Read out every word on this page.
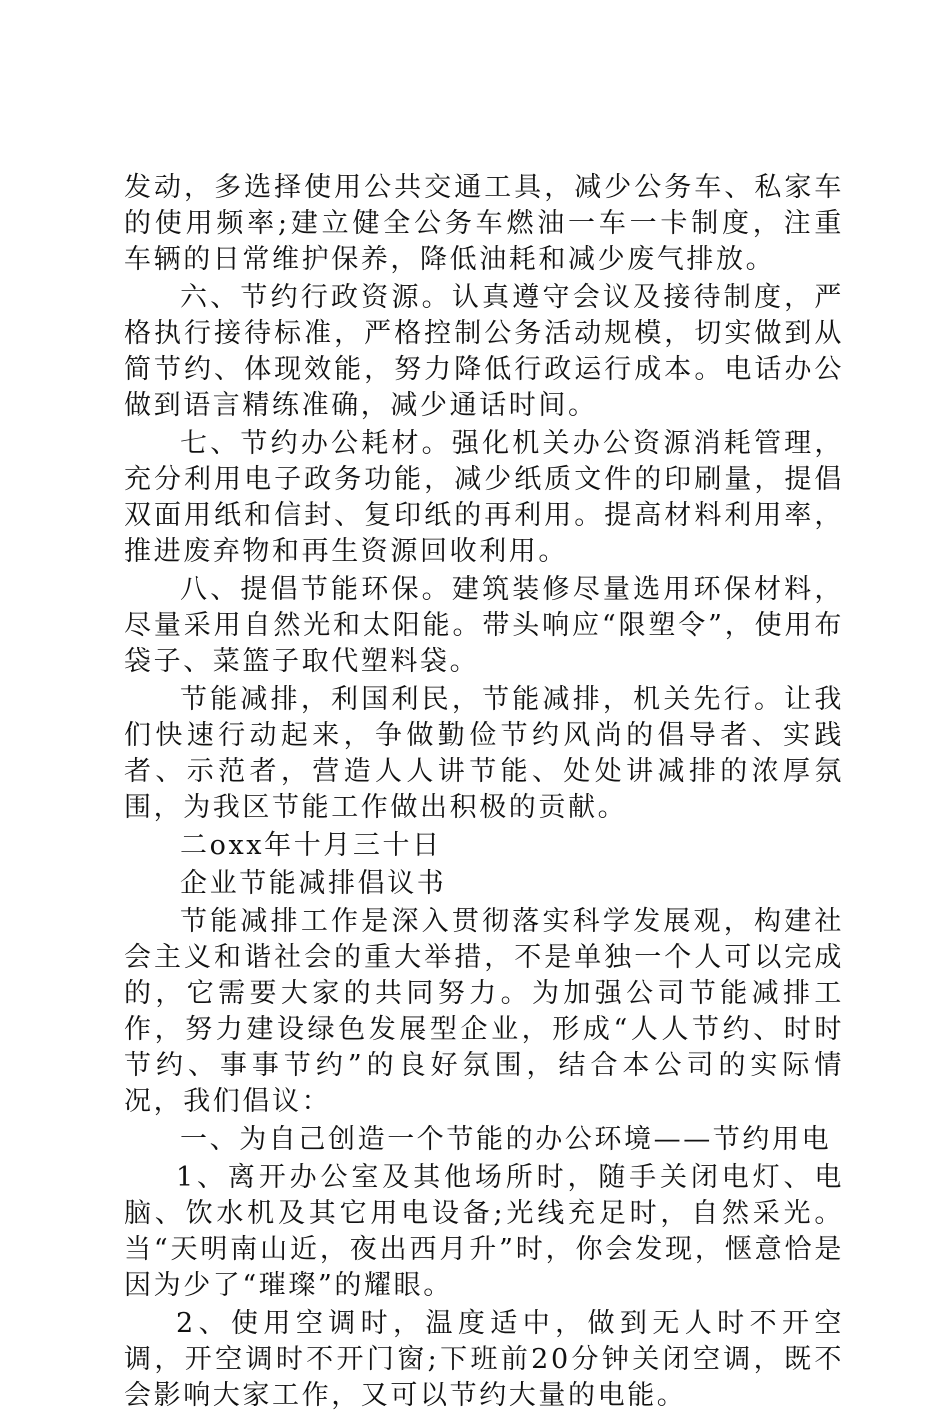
发动，多选择使用公共交通工具，减少公务车、私家车的使用频率;建立健全公务车燃油一车一卡制度，注重车辆的日常维护保养，降低油耗和减少废气排放。

六、节约行政资源。认真遵守会议及接待制度，严格执行接待标准，严格控制公务活动规模，切实做到从简节约、体现效能，努力降低行政运行成本。电话办公做到语言精练准确，减少通话时间。

七、节约办公耗材。强化机关办公资源消耗管理，充分利用电子政务功能，减少纸质文件的印刷量，提倡双面用纸和信封、复印纸的再利用。提高材料利用率，推进废弃物和再生资源回收利用。

八、提倡节能环保。建筑装修尽量选用环保材料，尽量采用自然光和太阳能。带头响应“限塑令”，使用布袋子、菜篮子取代塑料袋。

节能减排，利国利民，节能减排，机关先行。让我们快速行动起来，争做勤俭节约风尚的倡导者、实践者、示范者，营造人人讲节能、处处讲减排的浓厚氛围，为我区节能工作做出积极的贡献。

二oxx年十月三十日

企业节能减排倡议书

节能减排工作是深入贯彻落实科学发展观，构建社会主义和谐社会的重大举措，不是单独一个人可以完成的，它需要大家的共同努力。为加强公司节能减排工作，努力建设绿色发展型企业，形成“人人节约、时时节约、事事节约”的良好氛围，结合本公司的实际情况，我们倡议：

一、为自己创造一个节能的办公环境——节约用电

1、离开办公室及其他场所时，随手关闭电灯、电脑、饮水机及其它用电设备;光线充足时，自然采光。当“天明南山近，夜出西月升”时，你会发现，惬意恰是因为少了“璀璨”的耀眼。

2、使用空调时，温度适中，做到无人时不开空调，开空调时不开门窗;下班前20分钟关闭空调，既不会影响大家工作，又可以节约大量的电能。
